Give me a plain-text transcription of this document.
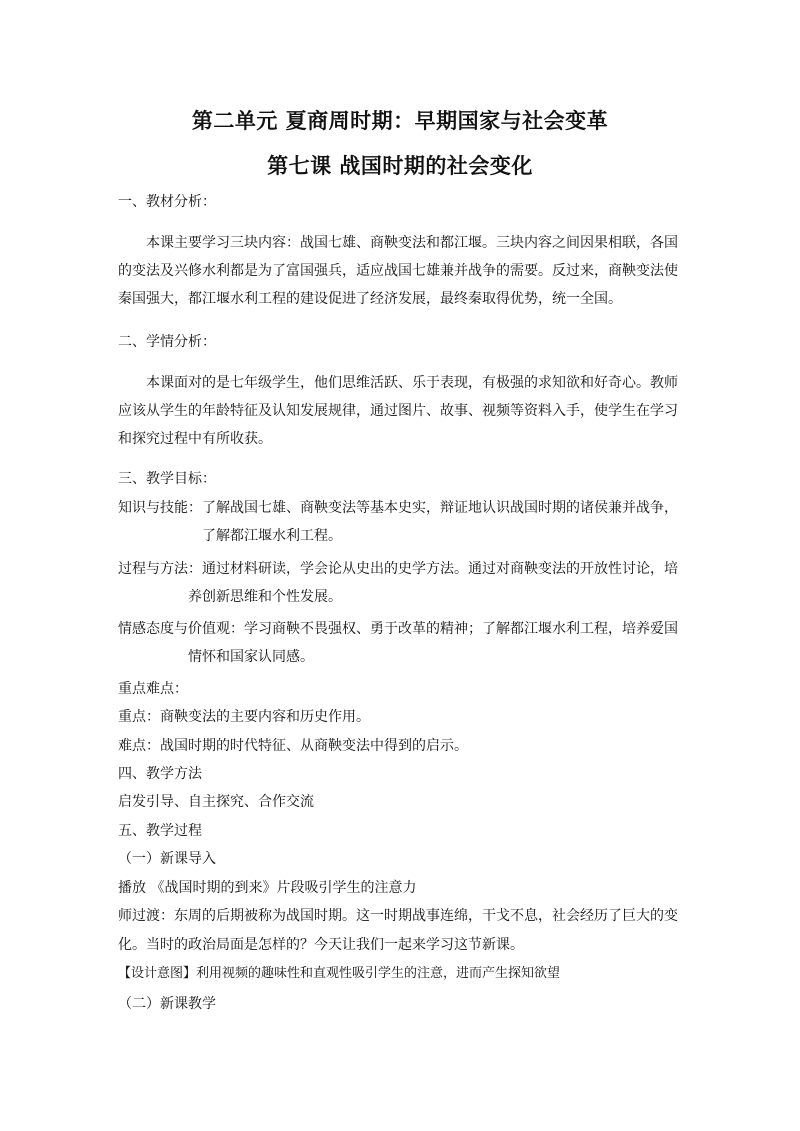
第二单元 夏商周时期：早期国家与社会变革
第七课 战国时期的社会变化
一、教材分析：
本课主要学习三块内容：战国七雄、商鞅变法和都江堰。三块内容之间因果相联，各国
的变法及兴修水利都是为了富国强兵，适应战国七雄兼并战争的需要。反过来，商鞅变法使
秦国强大，都江堰水利工程的建设促进了经济发展，最终秦取得优势，统一全国。
二、学情分析：
本课面对的是七年级学生，他们思维活跃、乐于表现，有极强的求知欲和好奇心。教师
应该从学生的年龄特征及认知发展规律，通过图片、故事、视频等资料入手，使学生在学习
和探究过程中有所收获。
三、教学目标：
知识与技能：了解战国七雄、商鞅变法等基本史实，辩证地认识战国时期的诸侯兼并战争，
了解都江堰水利工程。
过程与方法：通过材料研读，学会论从史出的史学方法。通过对商鞅变法的开放性讨论，培
养创新思维和个性发展。
情感态度与价值观：学习商鞅不畏强权、勇于改革的精神；了解都江堰水利工程，培养爱国
情怀和国家认同感。
重点难点：
重点：商鞅变法的主要内容和历史作用。
难点：战国时期的时代特征、从商鞅变法中得到的启示。
四、教学方法
启发引导、自主探究、合作交流
五、教学过程
（一）新课导入
播放 《战国时期的到来》片段吸引学生的注意力
师过渡：东周的后期被称为战国时期。这一时期战事连绵，干戈不息，社会经历了巨大的变
化。当时的政治局面是怎样的？今天让我们一起来学习这节新课。
【设计意图】利用视频的趣味性和直观性吸引学生的注意，进而产生探知欲望
（二）新课教学
